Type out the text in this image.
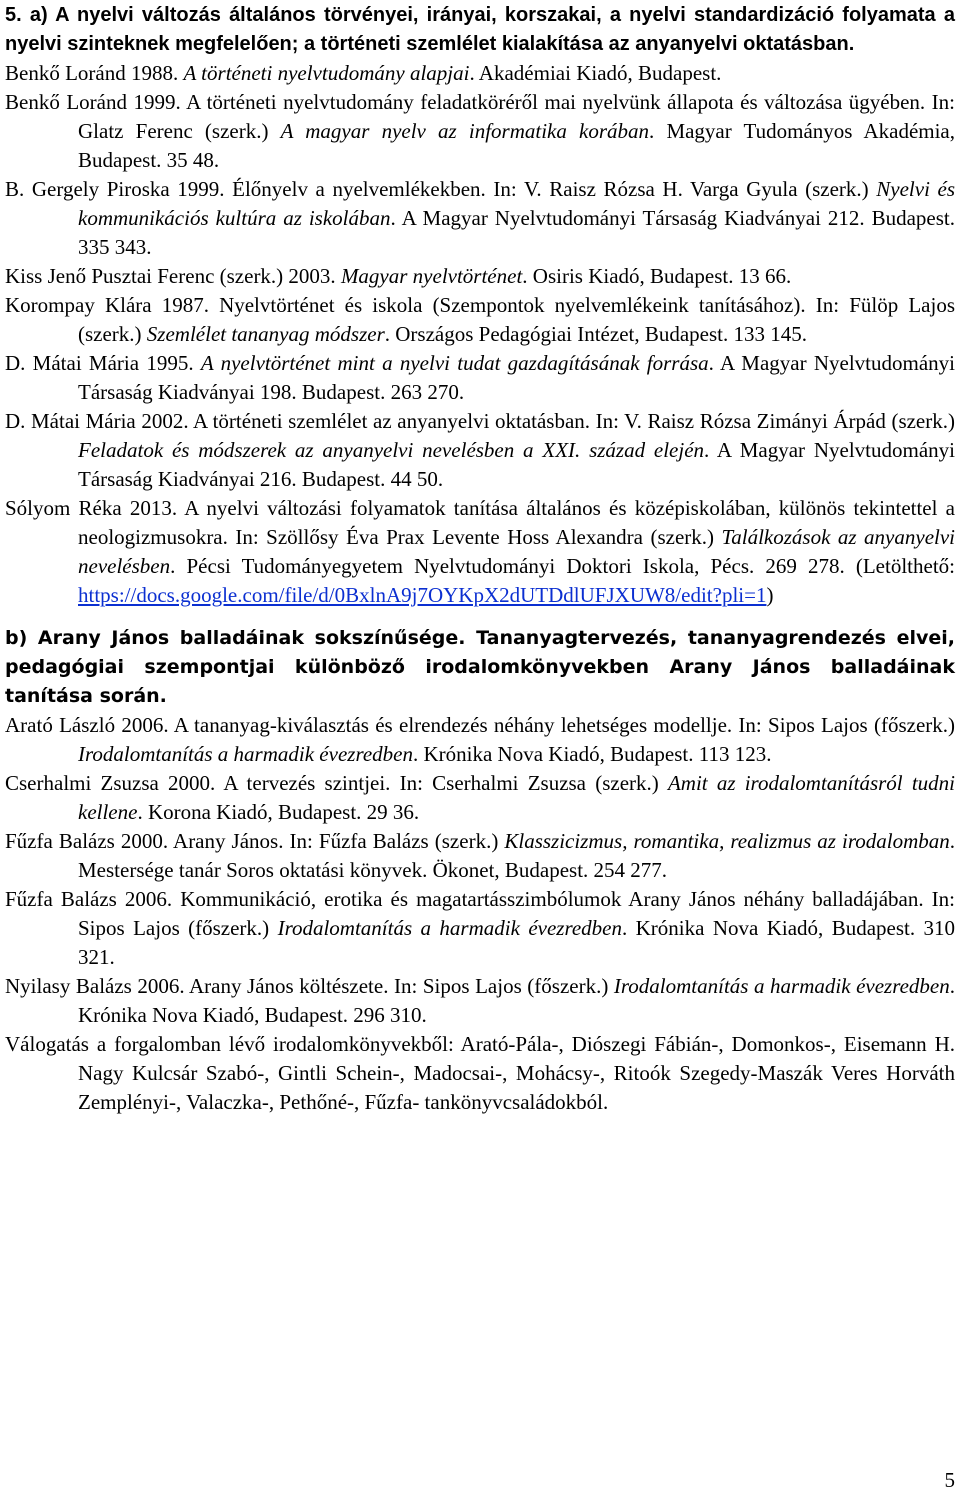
5. a) A nyelvi változás általános törvényei, irányai, korszakai, a nyelvi standardizáció folyamata a nyelvi szinteknek megfelelően; a történeti szemlélet kialakítása az anyanyelvi oktatásban.
Benkő Loránd 1988. A történeti nyelvtudomány alapjai. Akadémiai Kiadó, Budapest.
Benkő Loránd 1999. A történeti nyelvtudomány feladatköréről mai nyelvünk állapota és változása ügyében. In: Glatz Ferenc (szerk.) A magyar nyelv az informatika korában. Magyar Tudományos Akadémia, Budapest. 35 48.
B. Gergely Piroska 1999. Élőnyelv a nyelvemlékekben. In: V. Raisz Rózsa H. Varga Gyula (szerk.) Nyelvi és kommunikációs kultúra az iskolában. A Magyar Nyelvtudományi Társaság Kiadványai 212. Budapest. 335 343.
Kiss Jenő Pusztai Ferenc (szerk.) 2003. Magyar nyelvtörténet. Osiris Kiadó, Budapest. 13 66.
Korompay Klára 1987. Nyelvtörténet és iskola (Szempontok nyelvemlékeink tanításához). In: Fülöp Lajos (szerk.) Szemlélet tananyag módszer. Országos Pedagógiai Intézet, Budapest. 133 145.
D. Mátai Mária 1995. A nyelvtörténet mint a nyelvi tudat gazdagításának forrása. A Magyar Nyelvtudományi Társaság Kiadványai 198. Budapest. 263 270.
D. Mátai Mária 2002. A történeti szemlélet az anyanyelvi oktatásban. In: V. Raisz Rózsa Zimányi Árpád (szerk.) Feladatok és módszerek az anyanyelvi nevelésben a XXI. század elején. A Magyar Nyelvtudományi Társaság Kiadványai 216. Budapest. 44 50.
Sólyom Réka 2013. A nyelvi változási folyamatok tanítása általános és középiskolában, különös tekintettel a neologizmusokra. In: Szöllősy Éva Prax Levente Hoss Alexandra (szerk.) Találkozások az anyanyelvi nevelésben. Pécsi Tudományegyetem Nyelvtudományi Doktori Iskola, Pécs. 269 278. (Letölthető: https://docs.google.com/file/d/0BxlnA9j7OYKpX2dUTDdlUFJXUW8/edit?pli=1)
b) Arany János balladáinak sokszínűsége. Tananyagtervezés, tananyagrendezés elvei, pedagógiai szempontjai különböző irodalomkönyvekben Arany János balladáinak tanítása során.
Arató László 2006. A tananyag-kiválasztás és elrendezés néhány lehetséges modellje. In: Sipos Lajos (főszerk.) Irodalomtanítás a harmadik évezredben. Krónika Nova Kiadó, Budapest. 113 123.
Cserhalmi Zsuzsa 2000. A tervezés szintjei. In: Cserhalmi Zsuzsa (szerk.) Amit az irodalomtanításról tudni kellene. Korona Kiadó, Budapest. 29 36.
Fűzfa Balázs 2000. Arany János. In: Fűzfa Balázs (szerk.) Klasszicizmus, romantika, realizmus az irodalomban. Mestersége tanár Soros oktatási könyvek. Ökonet, Budapest. 254 277.
Fűzfa Balázs 2006. Kommunikáció, erotika és magatartásszimbólumok Arany János néhány balladájában. In: Sipos Lajos (főszerk.) Irodalomtanítás a harmadik évezredben. Krónika Nova Kiadó, Budapest. 310 321.
Nyilasy Balázs 2006. Arany János költészete. In: Sipos Lajos (főszerk.) Irodalomtanítás a harmadik évezredben. Krónika Nova Kiadó, Budapest. 296 310.
Válogatás a forgalomban lévő irodalomkönyvekből: Arató-Pála-, Diószegi Fábián-, Domonkos-, Eisemann H. Nagy Kulcsár Szabó-, Gintli Schein-, Madocsai-, Mohácsy-, Ritoók Szegedy-Maszák Veres Horváth Zemplényi-, Valaczka-, Pethőné-, Fűzfa- tankönyvcsaládokból.
5
